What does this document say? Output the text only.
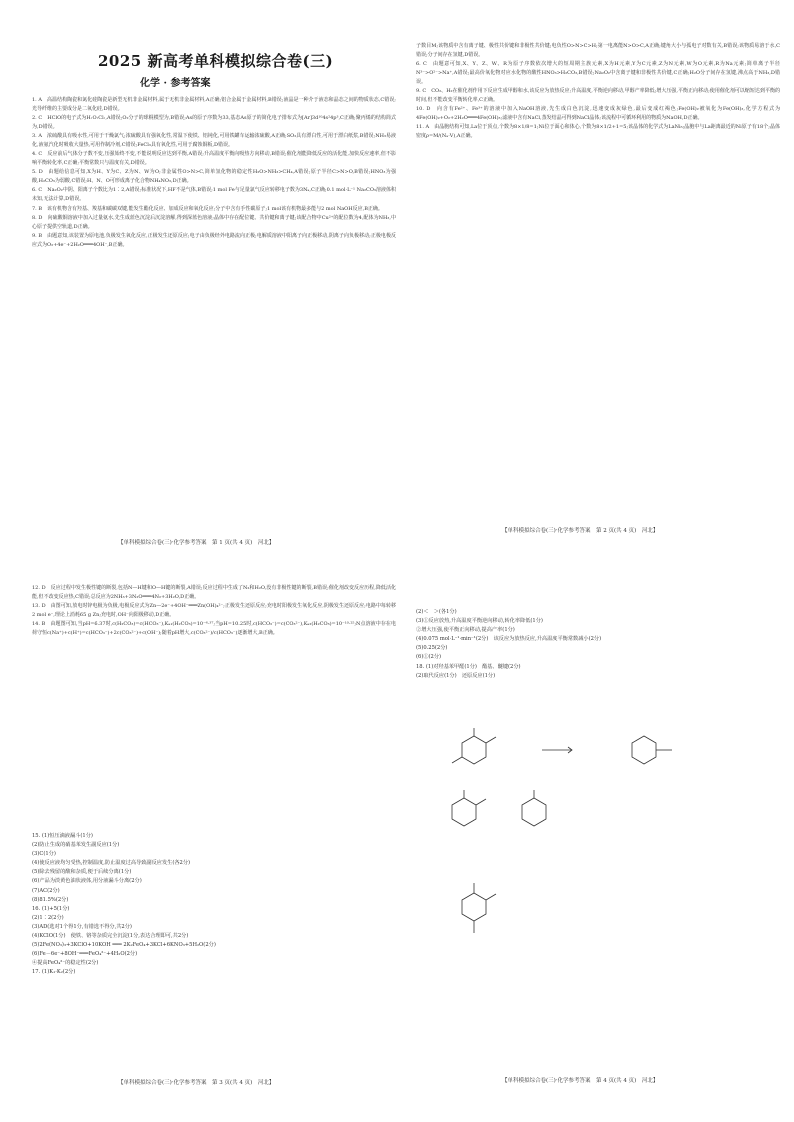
2025 新高考单科模拟综合卷(三)
化学 · 参考答案

1. A　高温结构陶瓷和氮化硅陶瓷是新型无机非金属材料,属于无机非金属材料,A正确;铝合金属于金属材料,B错误;液晶是一种介于液态和晶态之间的物质状态,C错误;光导纤维的主要成分是二氧化硅,D错误。

2. C　HClO的电子式为H:O:Cl:,A错误;O₂分子的球棍模型为,B错误;As的原子序数为33,基态As原子的简化电子排布式为[Ar]3d¹⁰4s²4p³,C正确;聚丙烯的结构简式为,D错误。

3. A　浓硫酸具有吸水性,可用于干燥氯气;浓硫酸具有强氧化性,常温下使铁、铝钝化,可用铁罐车运输浓硫酸,A正确;SO₂具有漂白性,可用于漂白纸浆,B错误;NH₃易液化,液氨汽化时吸收大量热,可用作制冷剂,C错误;FeCl₃具有氧化性,可用于腐蚀铜板,D错误。

4. C　反应前后气体分子数不变,压强始终不变,不能说明反应达到平衡,A错误;升高温度平衡向吸热方向移动,B错误;催化剂能降低反应的活化能,加快反应速率,但不影响平衡转化率,C正确;平衡常数只与温度有关,D错误。

5. D　由题给信息可知,X为H、Y为C、Z为N、W为O;非金属性O>N>C,简单氢化物的稳定性H₂O>NH₃>CH₄,A错误;原子半径C>N>O,B错误;HNO₃为强酸,H₂CO₃为弱酸,C错误;H、N、O可形成离子化合物NH₄NO₃,D正确。

6. C　Na₂O₂中阴、阳离子个数比为1∶2,A错误;标准状况下,HF不是气体,B错误;1 mol Fe与足量氯气反应转移电子数为3Nₐ,C正确;0.1 mol·L⁻¹ Na₂CO₃溶液体积未知,无法计算,D错误。

7. B　该有机物含有羟基、羧基和碳碳双键,能发生酯化反应、加成反应和氧化反应;分子中含有手性碳原子;1 mol该有机物最多能与2 mol NaOH反应,B正确。

8. D　向硫酸铜溶液中加入过量氨水,先生成蓝色沉淀后沉淀溶解,得到深蓝色溶液;晶体中存在配位键、共价键和离子键;该配合物中Cu²⁺的配位数为4,配体为NH₃,中心原子提供空轨道,D正确。

9. B　由题意知,该装置为原电池,负极发生氧化反应,正极发生还原反应;电子由负极经外电路流向正极;电解质溶液中阳离子向正极移动,阴离子向负极移动;正极电极反应式为O₂+4e⁻+2H₂O═══4OH⁻,B正确。

【单科模拟综合卷(三)·化学参考答案　第 1 页(共 4 页)　河北】

子数目M;该物质中含有离子键、极性共价键和非极性共价键;电负性O>N>C>H;第一电离能N>O>C,A正确;键角大小与孤电子对数有关,B错误;该物质易溶于水,C错误;分子间存在氢键,D错误。

6. C　由题意可知,X、Y、Z、W、R为原子序数依次增大的短周期主族元素,X为H元素,Y为C元素,Z为N元素,W为O元素,R为Na元素;简单离子半径N³⁻>O²⁻>Na⁺,A错误;最高价氧化物对应水化物的酸性HNO₃>H₂CO₃,B错误;Na₂O₂中含离子键和非极性共价键,C正确;H₂O分子间存在氢键,沸点高于NH₃,D错误。

9. C　CO₂、H₂在催化剂作用下反应生成甲醇和水,该反应为放热反应;升高温度,平衡逆向移动,甲醇产率降低;增大压强,平衡正向移动;使用催化剂可以缩短达到平衡的时间,但不能改变平衡转化率,C正确。

10. D　向含有Fe²⁺、Fe³⁺的溶液中加入NaOH溶液,先生成白色沉淀,迅速变成灰绿色,最后变成红褐色;Fe(OH)₂被氧化为Fe(OH)₃,化学方程式为4Fe(OH)₂+O₂+2H₂O═══4Fe(OH)₃;滤液中含有NaCl,蒸发结晶可得到NaCl晶体;该流程中可循环利用的物质为NaOH,D正确。

11. A　由晶胞结构可知,La位于顶点,个数为8×1/8=1;Ni位于面心和体心,个数为8×1/2+1=5;该晶体的化学式为LaNi₅;晶胞中与La距离最近的Ni原子有18个;晶体密度ρ=M/(Nₐ·V),A正确。

【单科模拟综合卷(三)·化学参考答案　第 2 页(共 4 页)　河北】

12. D　反应过程中发生极性键的断裂,包括N—H键和O—H键的断裂,A错误;反应过程中生成了N₂和H₂O,没有非极性键的断裂,B错误;催化剂改变反应历程,降低活化能,但不改变反应热,C错误;总反应为2NH₃+3N₂O═══4N₂+3H₂O,D正确。

13. D　由图可知,放电时锌电极为负极,电极反应式为Zn—2e⁻+4OH⁻═══Zn(OH)₄²⁻;正极发生还原反应;充电时阳极发生氧化反应,阴极发生还原反应;电路中每转移2 mol e⁻,理论上消耗65 g Zn;充电时,OH⁻向阳极移动,D正确。

14. B　由题图可知,当pH=6.37时,c(H₂CO₃)=c(HCO₃⁻),Kₐ₁(H₂CO₃)=10⁻⁶·³⁷;当pH=10.25时,c(HCO₃⁻)=c(CO₃²⁻),Kₐ₂(H₂CO₃)=10⁻¹⁰·²⁵;N点溶液中存在电荷守恒c(Na⁺)+c(H⁺)=c(HCO₃⁻)+2c(CO₃²⁻)+c(OH⁻);随着pH增大,c(CO₃²⁻)/c(HCO₃⁻)逐渐增大,B正确。

15. (1)恒压滴液漏斗(1分)
(2)防止生成的硝基苯发生副反应(1分)
(3)C(1分)
(4)使反应液均匀受热,控制温度,防止温度过高导致副反应发生(各2分)
(5)除去残留的酸和杂质,便于后续分离(1分)
(6)产品为淡黄色油状液体,用分液漏斗分离(2分)
(7)AC(2分)
(8)81.5%(2分)
16. (1)+5(1分)
(2)1∶2(2分)
(3)AD(选对1个得1分,有错选不得分,共2分)
(4)KClO(1分)　使铁、铬等杂质完全沉淀(1分,表达合理即可,共2分)
(5)2Fe(NO₃)₃+3KClO+10KOH ═══ 2K₂FeO₄+3KCl+6KNO₃+5H₂O(2分)
(6)Fe－6e⁻+8OH⁻═══FeO₄²⁻+4H₂O(2分)
④提高FeO₄²⁻的稳定性(2分)
17. (1)K₁·K₂(2分)
【单科模拟综合卷(三)·化学参考答案　第 3 页(共 4 页)　河北】
(2)＜　＞(各1分)
(3)①反应放热,升高温度平衡逆向移动,转化率降低(1分)
②增大压强,使平衡正向移动,提高产率(1分)
(4)0.075 mol·L⁻¹·min⁻¹(2分)　该反应为放热反应,升高温度平衡常数减小(2分)
(5)0.25(2分)
(6)①(2分)
18. (1)对羟基苯甲醛(1分)　酯基、醚键(2分)
(2)取代反应(1分)　还原反应(1分)
【单科模拟综合卷(三)·化学参考答案　第 4 页(共 4 页)　河北】
